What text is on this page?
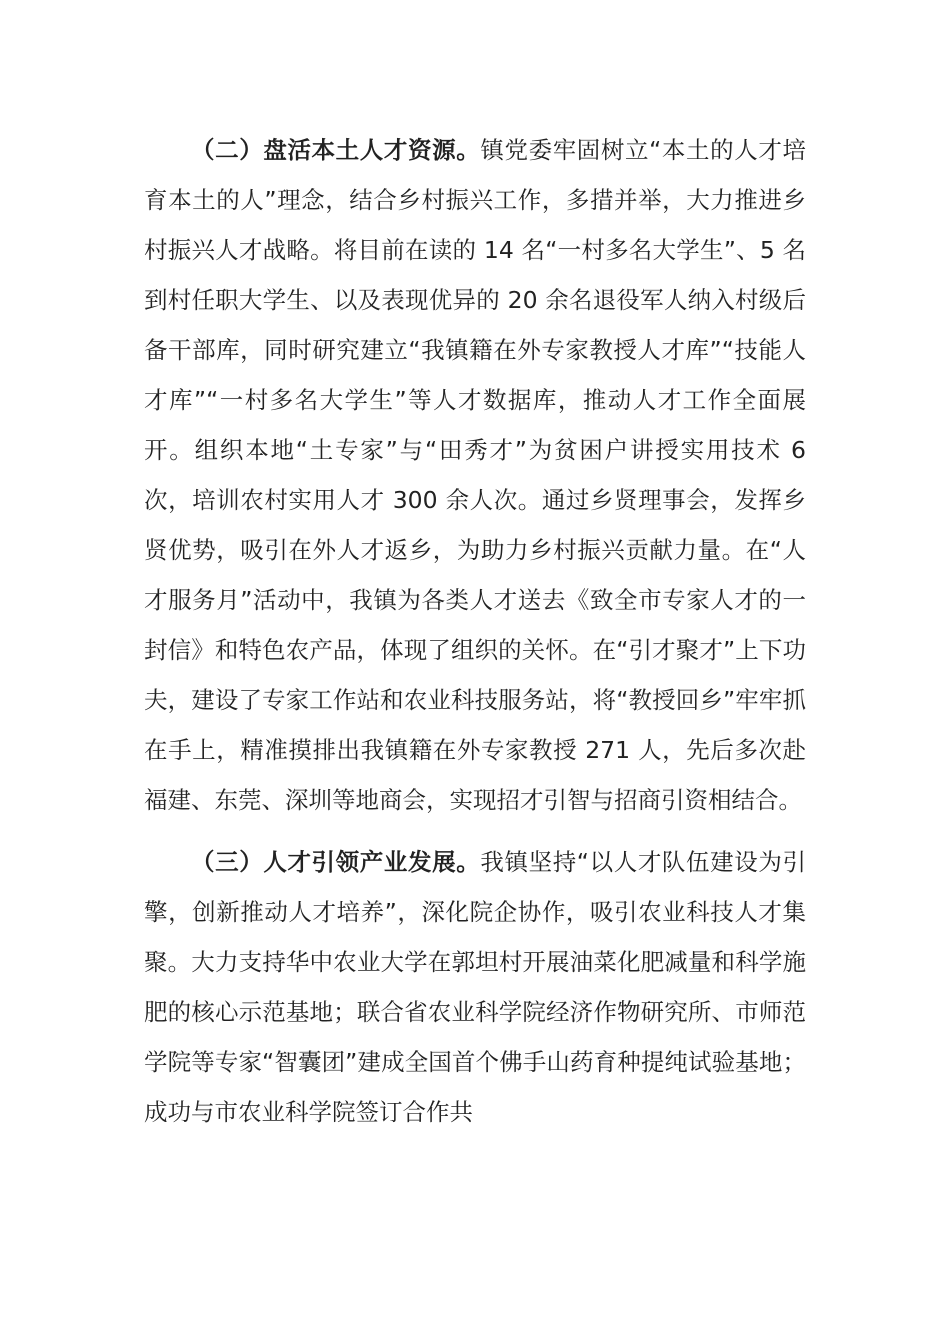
（二）盘活本土人才资源。镇党委牢固树立“本土的人才培育本土的人”理念，结合乡村振兴工作，多措并举，大力推进乡村振兴人才战略。将目前在读的 14 名“一村多名大学生”、5 名到村任职大学生、以及表现优异的 20 余名退役军人纳入村级后备干部库，同时研究建立“我镇籍在外专家教授人才库”“技能人才库”“一村多名大学生”等人才数据库，推动人才工作全面展开。组织本地“土专家”与“田秀才”为贫困户讲授实用技术 6 次，培训农村实用人才 300 余人次。通过乡贤理事会，发挥乡贤优势，吸引在外人才返乡，为助力乡村振兴贡献力量。在“人才服务月”活动中，我镇为各类人才送去《致全市专家人才的一封信》和特色农产品，体现了组织的关怀。在“引才聚才”上下功夫，建设了专家工作站和农业科技服务站，将“教授回乡”牢牢抓在手上，精准摸排出我镇籍在外专家教授 271 人，先后多次赴福建、东莞、深圳等地商会，实现招才引智与招商引资相结合。

（三）人才引领产业发展。我镇坚持“以人才队伍建设为引擎，创新推动人才培养”，深化院企协作，吸引农业科技人才集聚。大力支持华中农业大学在郭坦村开展油菜化肥减量和科学施肥的核心示范基地；联合省农业科学院经济作物研究所、市师范学院等专家“智囊团”建成全国首个佛手山药育种提纯试验基地；成功与市农业科学院签订合作共
